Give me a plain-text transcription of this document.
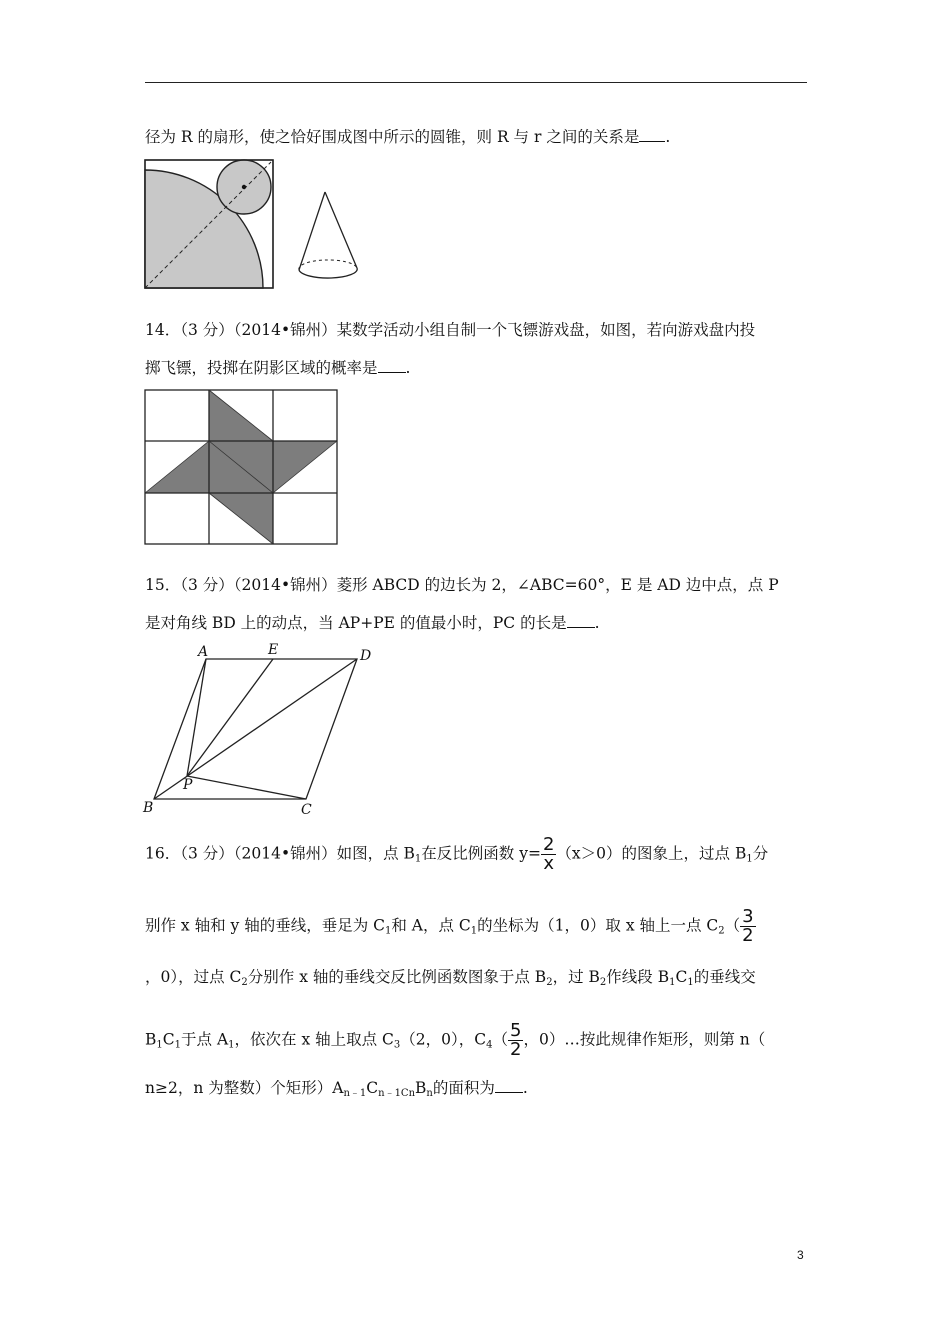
径为 R 的扇形，使之恰好围成图中所示的圆锥，则 R 与 r 之间的关系是 .
14．（3 分）（2014•锦州）某数学活动小组自制一个飞镖游戏盘，如图，若向游戏盘内投
掷飞镖，投掷在阴影区域的概率是 .
15．（3 分）（2014•锦州）菱形 ABCD 的边长为 2，∠ABC=60°，E 是 AD 边中点，点 P
是对角线 BD 上的动点，当 AP+PE 的值最小时，PC 的长是 .
A	E	D
P
B	C
16．（3 分）（2014•锦州）如图，点 $B_1$在反比例函数 $y= \frac{2}{x} (x>0)$的图象上，过点 $B_1$分
别作 x 轴和 y 轴的垂线，垂足为 $C_1$和 A，点 $C_1$的坐标为（1，0）取 x 轴上一点 $C_2( \frac{3}{2}$
，0），过点 $C_2$分别作 x 轴的垂线交反比例函数图象于点 $B_2$，过 $B_2$作线段 $B_1C_1$的垂线交
$B_1C_1$于点 $A_1$，依次在 x 轴上取点 $C_3(2$，0），$C_4( \frac{5}{2}$ ，0）…按此规律作矩形，则第 n（
n≥2，n 为整数）个矩形）$A_{n﹣1}C_{n﹣1Cn}B_n$的面积为 .
3
